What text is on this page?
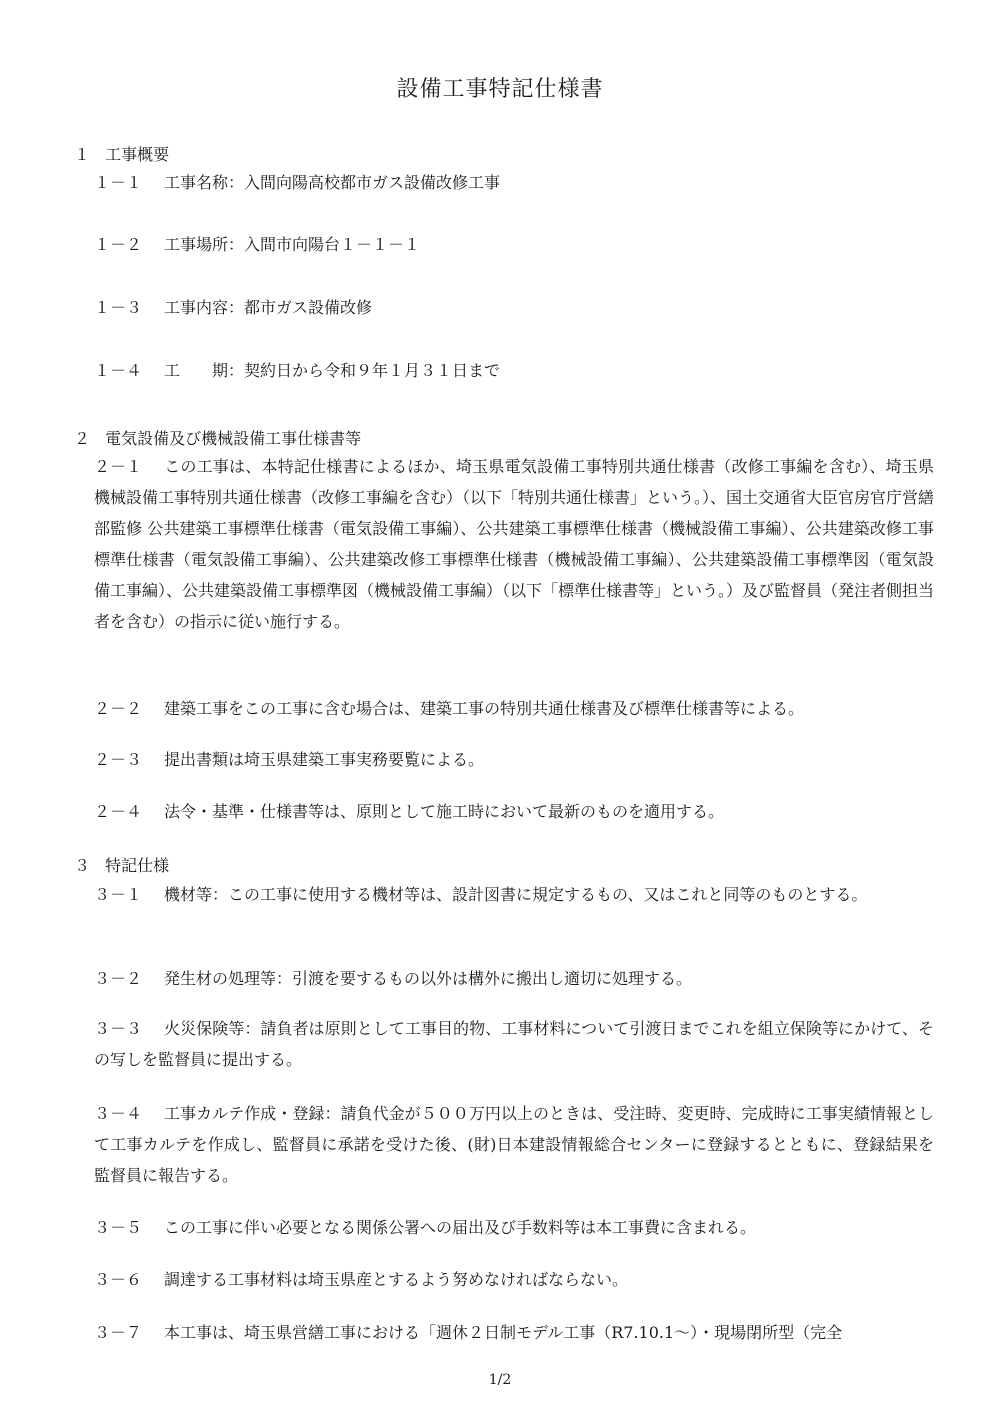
設備工事特記仕様書
１ 工事概要
１－１ 工事名称：入間向陽高校都市ガス設備改修工事
１－２ 工事場所：入間市向陽台１－１－１
１－３ 工事内容：都市ガス設備改修
１－４ 工　　期：契約日から令和９年１月３１日まで
２ 電気設備及び機械設備工事仕様書等
２－１ この工事は、本特記仕様書によるほか、埼玉県電気設備工事特別共通仕様書（改修工事編を含む）、埼玉県機械設備工事特別共通仕様書（改修工事編を含む）（以下「特別共通仕様書」という。）、国土交通省大臣官房官庁営繕部監修 公共建築工事標準仕様書（電気設備工事編）、公共建築工事標準仕様書（機械設備工事編）、公共建築改修工事標準仕様書（電気設備工事編）、公共建築改修工事標準仕様書（機械設備工事編）、公共建築設備工事標準図（電気設備工事編）、公共建築設備工事標準図（機械設備工事編）（以下「標準仕様書等」という。）及び監督員（発注者側担当者を含む）の指示に従い施行する。
２－２ 建築工事をこの工事に含む場合は、建築工事の特別共通仕様書及び標準仕様書等による。
２－３ 提出書類は埼玉県建築工事実務要覧による。
２－４ 法令・基準・仕様書等は、原則として施工時において最新のものを適用する。
３ 特記仕様
３－１ 機材等：この工事に使用する機材等は、設計図書に規定するもの、又はこれと同等のものとする。
３－２ 発生材の処理等：引渡を要するもの以外は構外に搬出し適切に処理する。
３－３ 火災保険等：請負者は原則として工事目的物、工事材料について引渡日までこれを組立保険等にかけて、その写しを監督員に提出する。
３－４ 工事カルテ作成・登録：請負代金が５００万円以上のときは、受注時、変更時、完成時に工事実績情報として工事カルテを作成し、監督員に承諾を受けた後、(財)日本建設情報総合センターに登録するとともに、登録結果を監督員に報告する。
３－５ この工事に伴い必要となる関係公署への届出及び手数料等は本工事費に含まれる。
３－６ 調達する工事材料は埼玉県産とするよう努めなければならない。
３－７ 本工事は、埼玉県営繕工事における「週休２日制モデル工事（R7.10.1～）・現場閉所型（完全
1/2
